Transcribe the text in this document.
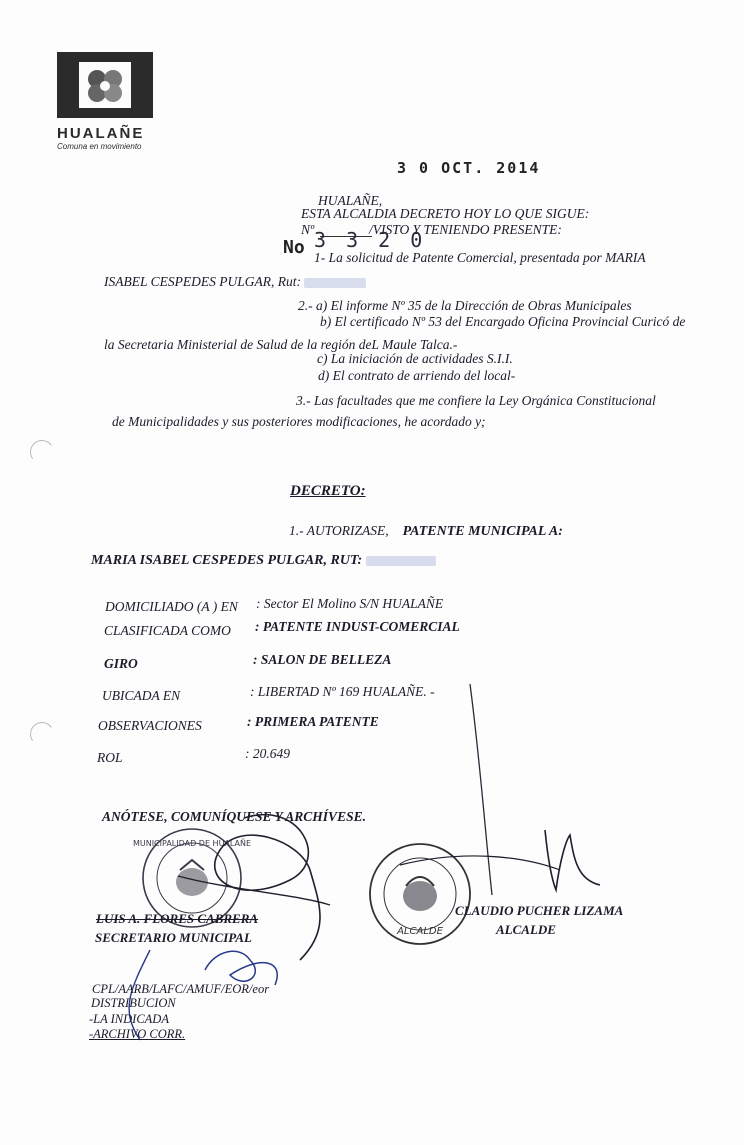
HUALAÑE
Comuna en movimiento
3 0 OCT. 2014
HUALAÑE,
ESTA ALCALDIA DECRETO HOY LO QUE SIGUE:
Nº	/VISTO Y TENIENDO PRESENTE:
No 3 3 2 0
1- La solicitud de Patente Comercial, presentada por MARIA
ISABEL CESPEDES PULGAR, Rut:
2.- a) El informe Nº 35 de la Dirección de Obras Municipales
b) El certificado Nº 53 del Encargado Oficina Provincial Curicó de
la Secretaria Ministerial de Salud de la región deL Maule Talca.-
c) La iniciación de actividades S.I.I.
d) El contrato de arriendo del local-
3.- Las facultades que me confiere la Ley Orgánica Constitucional
de Municipalidades y sus posteriores modificaciones, he acordado y;
DECRETO:
1.- AUTORIZASE, PATENTE MUNICIPAL A:
MARIA ISABEL CESPEDES PULGAR, RUT:
DOMICILIADO (A ) EN : Sector El Molino S/N HUALAÑE
CLASIFICADA COMO : PATENTE INDUST-COMERCIAL
GIRO	: SALON DE BELLEZA
UBICADA EN	: LIBERTAD Nº 169 HUALAÑE. -
OBSERVACIONES	: PRIMERA PATENTE
ROL	: 20.649
ANÓTESE, COMUNÍQUESE Y ARCHÍVESE.
MUNICIPALIDAD DE HUALAÑE
ALCALDE
LUIS A. FLORES CABRERA
SECRETARIO MUNICIPAL
CLAUDIO PUCHER LIZAMA
ALCALDE
CPL/AARB/LAFC/AMUF/EOR/eor
DISTRIBUCION
-LA INDICADA
-ARCHIVO CORR.
